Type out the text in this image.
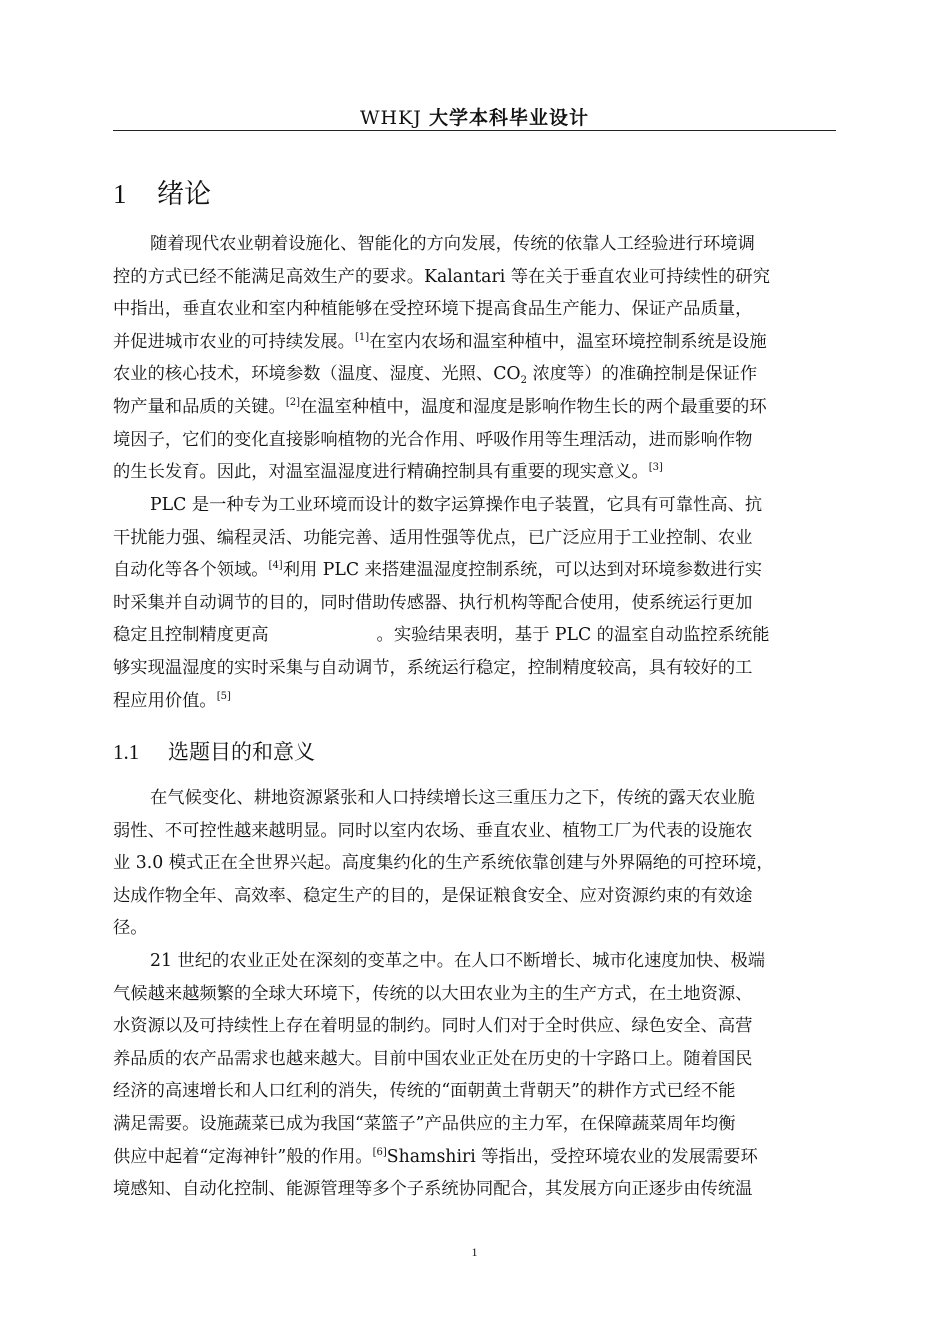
WHKJ 大学本科毕业设计
1 绪论
随着现代农业朝着设施化、智能化的方向发展，传统的依靠人工经验进行环境调
控的方式已经不能满足高效生产的要求。Kalantari 等在关于垂直农业可持续性的研究
中指出，垂直农业和室内种植能够在受控环境下提高食品生产能力、保证产品质量，
并促进城市农业的可持续发展。[1]在室内农场和温室种植中，温室环境控制系统是设施
农业的核心技术，环境参数（温度、湿度、光照、$CO_2$ 浓度等）的准确控制是保证作
物产量和品质的关键。[2]在温室种植中，温度和湿度是影响作物生长的两个最重要的环
境因子，它们的变化直接影响植物的光合作用、呼吸作用等生理活动，进而影响作物
的生长发育。因此，对温室温湿度进行精确控制具有重要的现实意义。[3]
PLC 是一种专为工业环境而设计的数字运算操作电子装置，它具有可靠性高、抗
干扰能力强、编程灵活、功能完善、适用性强等优点，已广泛应用于工业控制、农业
自动化等各个领域。[4]利用 PLC 来搭建温湿度控制系统，可以达到对环境参数进行实
时采集并自动调节的目的，同时借助传感器、执行机构等配合使用，使系统运行更加
稳定且控制精度更高	。实验结果表明，基于 PLC 的温室自动监控系统能
够实现温湿度的实时采集与自动调节，系统运行稳定，控制精度较高，具有较好的工
程应用价值。[5]
1.1 选题目的和意义
在气候变化、耕地资源紧张和人口持续增长这三重压力之下，传统的露天农业脆
弱性、不可控性越来越明显。同时以室内农场、垂直农业、植物工厂为代表的设施农
业 3.0 模式正在全世界兴起。高度集约化的生产系统依靠创建与外界隔绝的可控环境，
达成作物全年、高效率、稳定生产的目的，是保证粮食安全、应对资源约束的有效途
径。
21 世纪的农业正处在深刻的变革之中。在人口不断增长、城市化速度加快、极端
气候越来越频繁的全球大环境下，传统的以大田农业为主的生产方式，在土地资源、
水资源以及可持续性上存在着明显的制约。同时人们对于全时供应、绿色安全、高营
养品质的农产品需求也越来越大。目前中国农业正处在历史的十字路口上。随着国民
经济的高速增长和人口红利的消失，传统的“面朝黄土背朝天”的耕作方式已经不能
满足需要。设施蔬菜已成为我国“菜篮子”产品供应的主力军，在保障蔬菜周年均衡
供应中起着“定海神针”般的作用。[6]Shamshiri 等指出，受控环境农业的发展需要环
境感知、自动化控制、能源管理等多个子系统协同配合，其发展方向正逐步由传统温
1
